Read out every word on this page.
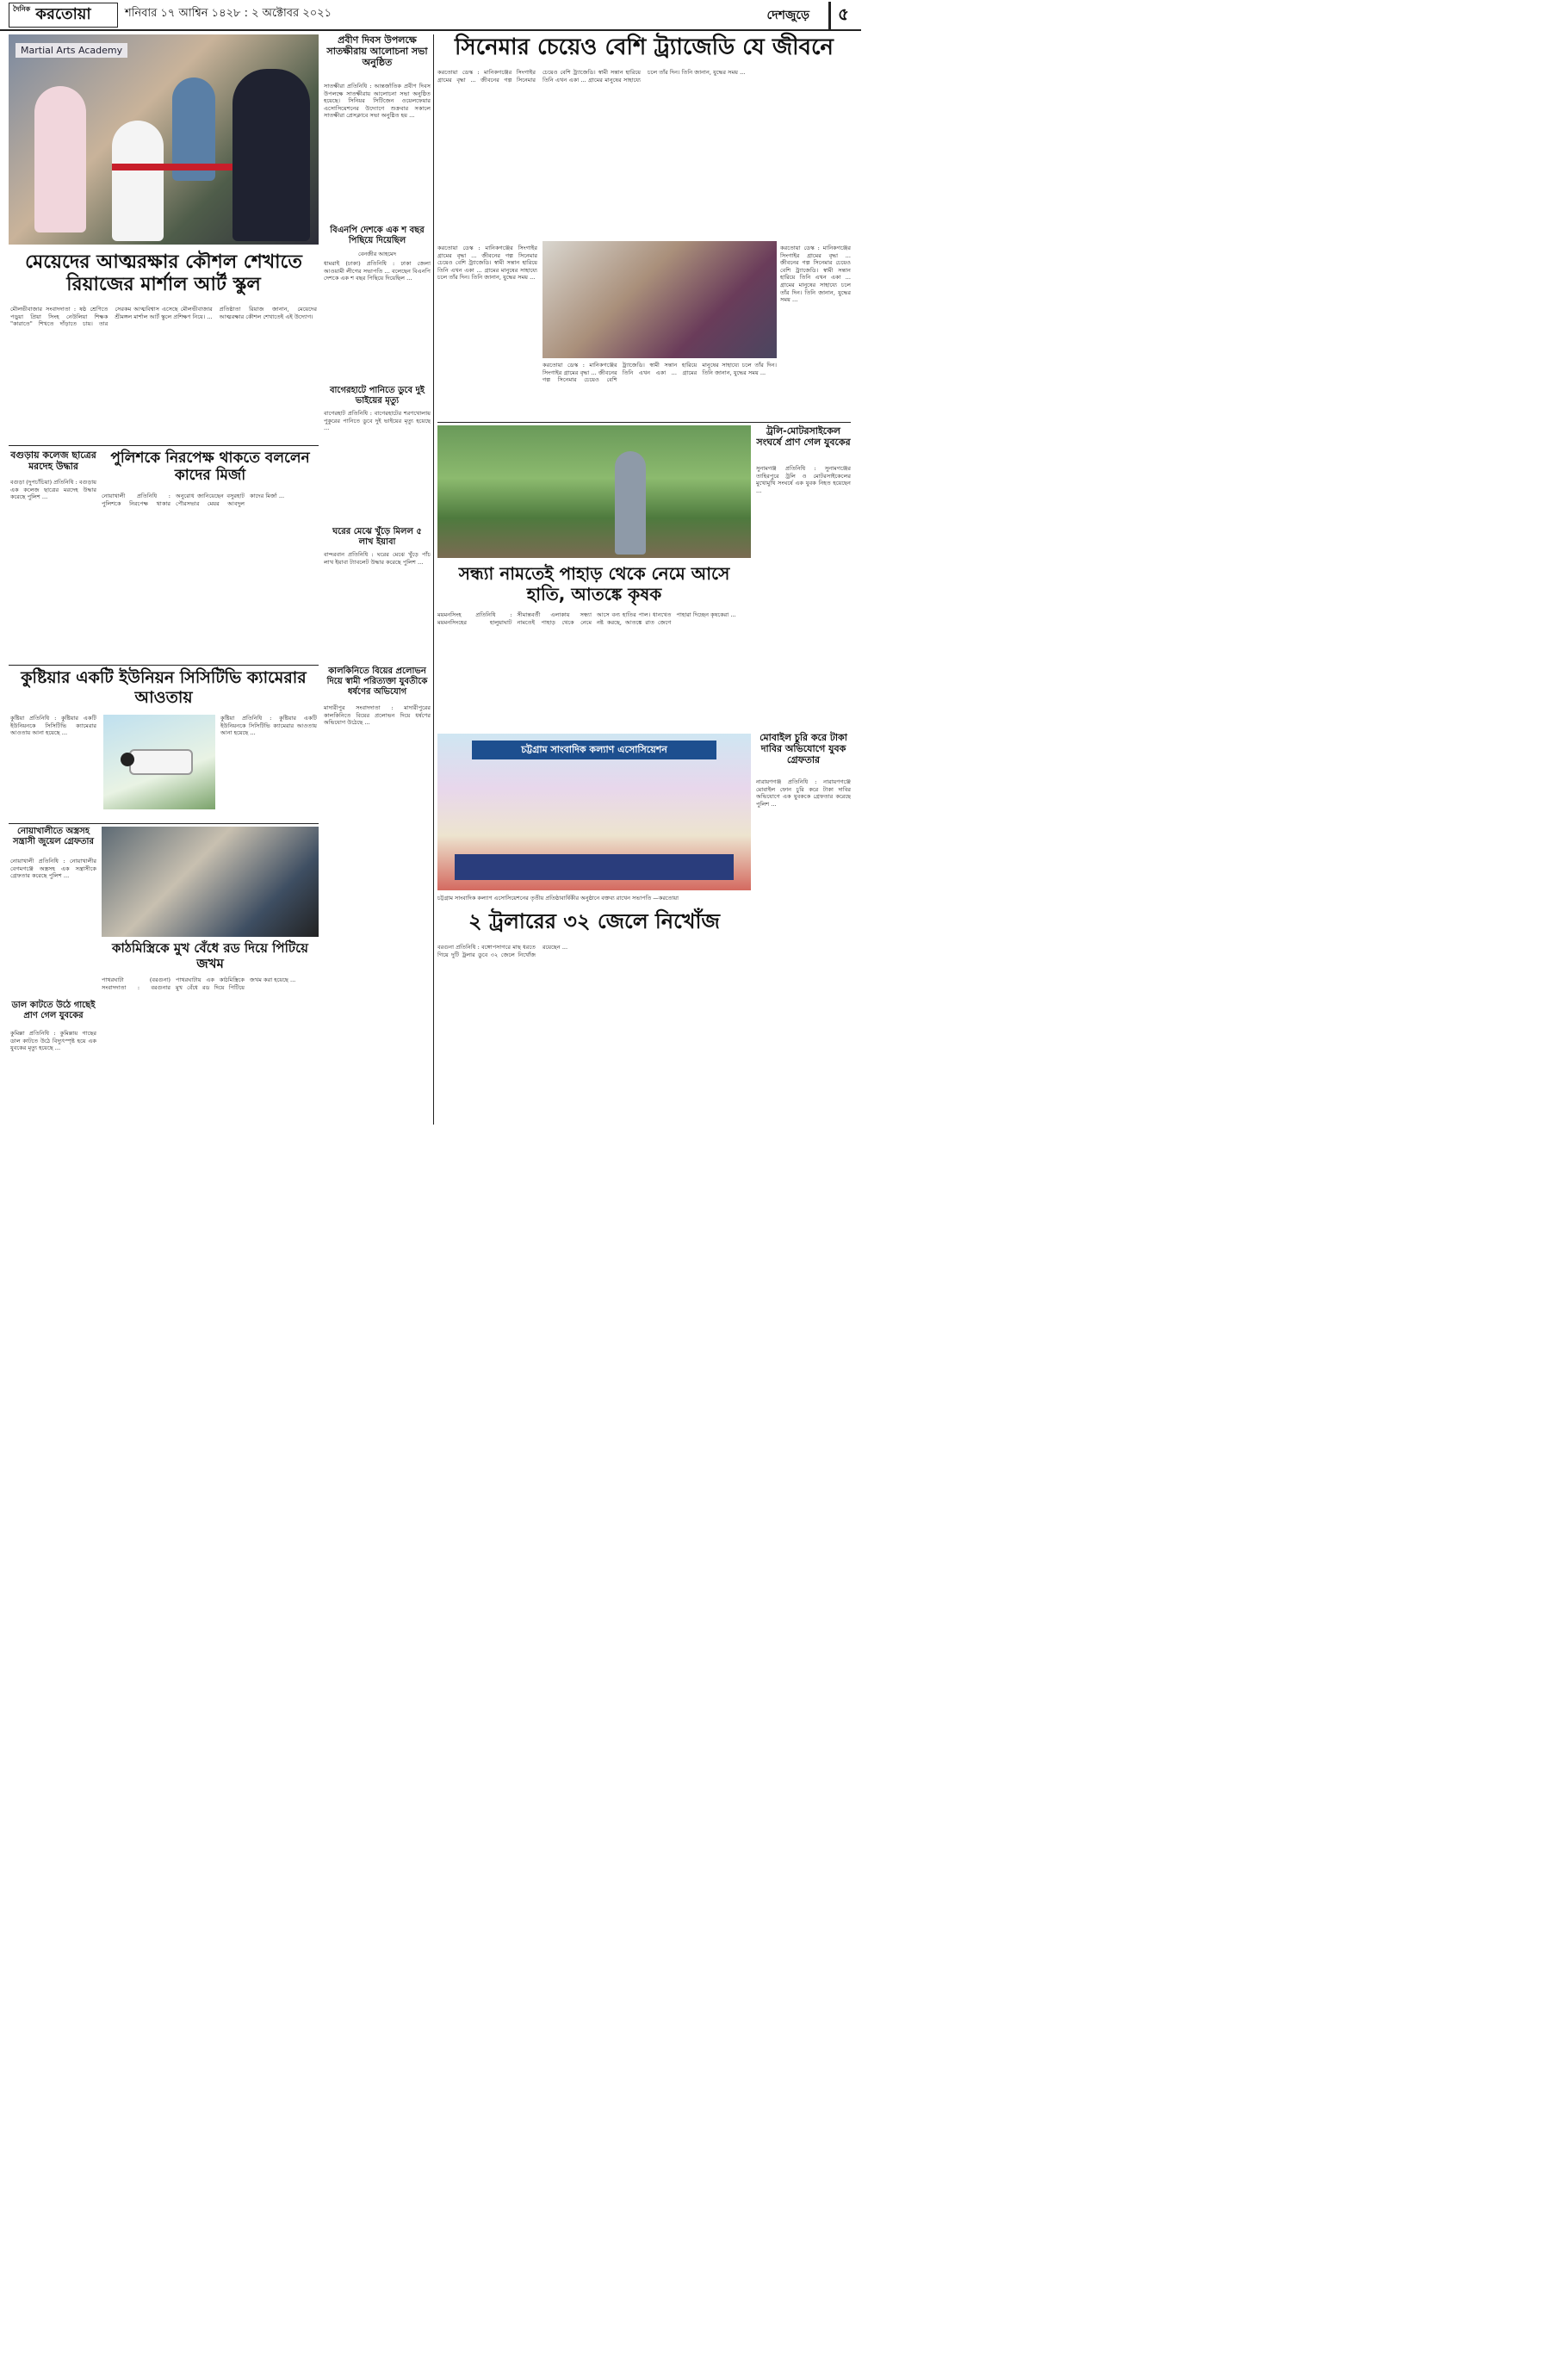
দৈনিক করতোয়া	শনিবার ১৭ আশ্বিন ১৪২৮ : ২ অক্টোবর ২০২১	দেশজুড়ে	৫
Martial Arts Academy
মেয়েদের আত্মরক্ষার কৌশল শেখাতে রিয়াজের মার্শাল আর্ট স্কুল
মৌলভীবাজার সংবাদদাতা : ষষ্ঠ শ্রেণিতে পড়ুয়া প্রিয়া সিংহ নেউলিয়া শিক্ষক "কারাতে" শিখতে দাঁড়াতে চায়। তার সেরকম আত্মবিশ্বাস এসেছে মৌলভীবাজার শ্রীমঙ্গল মার্শাল আর্ট স্কুলে প্রশিক্ষণ নিয়ে। ... প্রতিষ্ঠাতা রিয়াজ জানান, মেয়েদের আত্মরক্ষার কৌশল শেখাতেই এই উদ্যোগ।
বগুড়ায় কলেজ ছাত্রের মরদেহ উদ্ধার
বগুড়া (দুপচাঁচিয়া) প্রতিনিধি : বগুড়ায় এক কলেজ ছাত্রের মরদেহ উদ্ধার করেছে পুলিশ ...
পুলিশকে নিরপেক্ষ থাকতে বললেন কাদের মির্জা
নোয়াখালী প্রতিনিধি : পুলিশকে নিরপেক্ষ থাকার অনুরোধ জানিয়েছেন বসুরহাট পৌরসভার মেয়র আবদুল কাদের মির্জা ...
কুষ্টিয়ার একটি ইউনিয়ন সিসিটিভি ক্যামেরার আওতায়
কুষ্টিয়া প্রতিনিধি : কুষ্টিয়ার একটি ইউনিয়নকে সিসিটিভি ক্যামেরার আওতায় আনা হয়েছে ...
কুষ্টিয়া প্রতিনিধি : কুষ্টিয়ার একটি ইউনিয়নকে সিসিটিভি ক্যামেরার আওতায় আনা হয়েছে ...
নোয়াখালীতে অস্ত্রসহ সন্ত্রাসী জুয়েল গ্রেফতার
নোয়াখালী প্রতিনিধি : নোয়াখালীর বেগমগঞ্জে অস্ত্রসহ এক সন্ত্রাসীকে গ্রেফতার করেছে পুলিশ ...
কাঠমিস্ত্রিকে মুখ বেঁধে রড দিয়ে পিটিয়ে জখম
পাথরঘাটা (বরগুনা) সংবাদদাতা : বরগুনার পাথরঘাটায় এক কাঠমিস্ত্রিকে মুখ বেঁধে রড দিয়ে পিটিয়ে জখম করা হয়েছে ...
ডাল কাটতে উঠে গাছেই প্রাণ গেল যুবকের
কুমিল্লা প্রতিনিধি : কুমিল্লায় গাছের ডাল কাটতে উঠে বিদ্যুৎস্পৃষ্ট হয়ে এক যুবকের মৃত্যু হয়েছে ...
প্রবীণ দিবস উপলক্ষে সাতক্ষীরায় আলোচনা সভা অনুষ্ঠিত
সাতক্ষীরা প্রতিনিধি : আন্তর্জাতিক প্রবীণ দিবস উপলক্ষে সাতক্ষীরায় আলোচনা সভা অনুষ্ঠিত হয়েছে। সিনিয়র সিটিজেন ওয়েলফেয়ার এসোসিয়েশনের উদ্যোগে শুক্রবার সকালে সাতক্ষীরা প্রেসক্লাবে সভা অনুষ্ঠিত হয় ...
বিএনপি দেশকে এক শ বছর পিছিয়ে দিয়েছিল
বেনজীর আহমেদ
ধামরাই (ঢাকা) প্রতিনিধি : ঢাকা জেলা আওয়ামী লীগের সভাপতি ... বলেছেন বিএনপি দেশকে এক শ বছর পিছিয়ে দিয়েছিল ...
বাগেরহাটে পানিতে ডুবে দুই ভাইয়ের মৃত্যু
বাগেরহাট প্রতিনিধি : বাগেরহাটের শরণখোলায় পুকুরের পানিতে ডুবে দুই ভাইয়ের মৃত্যু হয়েছে ...
ঘরের মেঝে খুঁড়ে মিলল ৫ লাখ ইয়াবা
বান্দরবান প্রতিনিধি : ঘরের মেঝে খুঁড়ে পাঁচ লাখ ইয়াবা ট্যাবলেট উদ্ধার করেছে পুলিশ ...
কালকিনিতে বিয়ের প্রলোভন দিয়ে স্বামী পরিত্যক্তা যুবতীকে ধর্ষণের অভিযোগ
মাদারীপুর সংবাদদাতা : মাদারীপুরের কালকিনিতে বিয়ের প্রলোভন দিয়ে ধর্ষণের অভিযোগ উঠেছে ...
সিনেমার চেয়েও বেশি ট্র্যাজেডি যে জীবনে
করতোয়া ডেস্ক : মানিকগঞ্জের সিংগাইর গ্রামের বৃদ্ধা ... জীবনের গল্প সিনেমার চেয়েও বেশি ট্র্যাজেডি। স্বামী সন্তান হারিয়ে তিনি এখন একা ... গ্রামের মানুষের সাহায্যে চলে তাঁর দিন। তিনি জানান, যুদ্ধের সময় ...
করতোয়া ডেস্ক : মানিকগঞ্জের সিংগাইর গ্রামের বৃদ্ধা ... জীবনের গল্প সিনেমার চেয়েও বেশি ট্র্যাজেডি। স্বামী সন্তান হারিয়ে তিনি এখন একা ... গ্রামের মানুষের সাহায্যে চলে তাঁর দিন। তিনি জানান, যুদ্ধের সময় ...
করতোয়া ডেস্ক : মানিকগঞ্জের সিংগাইর গ্রামের বৃদ্ধা ... জীবনের গল্প সিনেমার চেয়েও বেশি ট্র্যাজেডি। স্বামী সন্তান হারিয়ে তিনি এখন একা ... গ্রামের মানুষের সাহায্যে চলে তাঁর দিন। তিনি জানান, যুদ্ধের সময় ...
করতোয়া ডেস্ক : মানিকগঞ্জের সিংগাইর গ্রামের বৃদ্ধা ... জীবনের গল্প সিনেমার চেয়েও বেশি ট্র্যাজেডি। স্বামী সন্তান হারিয়ে তিনি এখন একা ... গ্রামের মানুষের সাহায্যে চলে তাঁর দিন। তিনি জানান, যুদ্ধের সময় ...
সন্ধ্যা নামতেই পাহাড় থেকে নেমে আসে হাতি, আতঙ্কে কৃষক
ময়মনসিংহ প্রতিনিধি : ময়মনসিংহের হালুয়াঘাট সীমান্তবর্তী এলাকায় সন্ধ্যা নামতেই পাহাড় থেকে নেমে আসে বন্য হাতির পাল। ধানখেত নষ্ট করছে, আতঙ্কে রাত জেগে পাহারা দিচ্ছেন কৃষকেরা ...
ট্রলি-মোটরসাইকেল সংঘর্ষে প্রাণ গেল যুবকের
সুনামগঞ্জ প্রতিনিধি : সুনামগঞ্জের তাহিরপুরে ট্রলি ও মোটরসাইকেলের মুখোমুখি সংঘর্ষে এক যুবক নিহত হয়েছেন ...
মোবাইল চুরি করে টাকা দাবির অভিযোগে যুবক গ্রেফতার
নারায়ণগঞ্জ প্রতিনিধি : নারায়ণগঞ্জে মোবাইল ফোন চুরি করে টাকা দাবির অভিযোগে এক যুবককে গ্রেফতার করেছে পুলিশ ...
চট্টগ্রাম সাংবাদিক কল্যাণ এসোসিয়েশন
চট্টগ্রাম সাংবাদিক কল্যাণ এসোসিয়েশনের তৃতীয় প্রতিষ্ঠাবার্ষিকীর অনুষ্ঠানে বক্তব্য রাখেন সভাপতি —করতোয়া
২ ট্রলারের ৩২ জেলে নিখোঁজ
বরগুনা প্রতিনিধি : বঙ্গোপসাগরে মাছ ধরতে গিয়ে দুটি ট্রলার ডুবে ৩২ জেলে নিখোঁজ রয়েছেন ...
